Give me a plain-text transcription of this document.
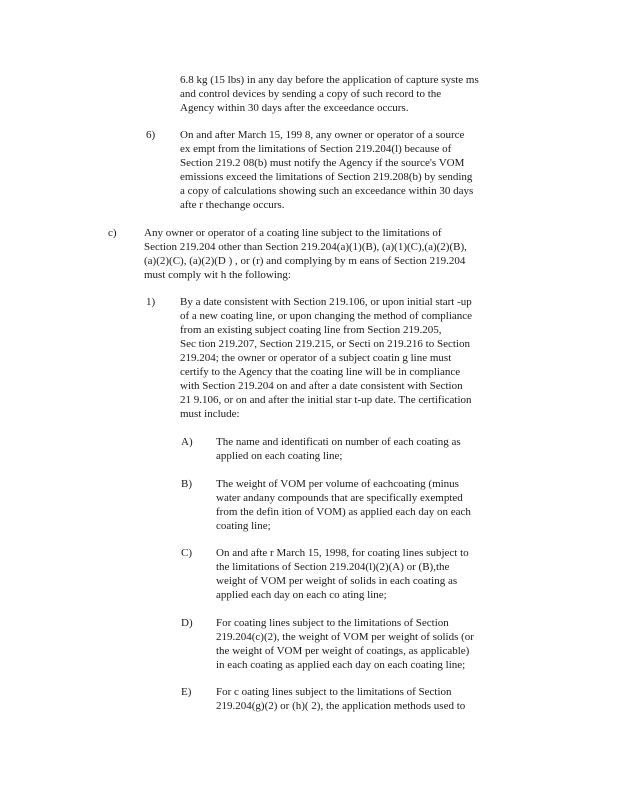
6.8 kg (15 lbs) in any day before the application of capture syste ms
and control devices by sending a copy of such record to the
Agency within 30 days after the exceedance occurs.
6) On and after March 15, 199 8, any owner or operator of a source
ex empt from the limitations of Section 219.204(l) because of
Section 219.2 08(b) must notify the Agency if the source's VOM
emissions exceed the limitations of Section 219.208(b) by sending
a copy of calculations showing such an exceedance within 30 days
afte r thechange occurs.
c) Any owner or operator of a coating line subject to the limitations of
Section 219.204 other than Section 219.204(a)(1)(B), (a)(1)(C),(a)(2)(B),
(a)(2)(C), (a)(2)(D ) , or (r) and complying by m eans of Section 219.204
must comply wit h the following:
1) By a date consistent with Section 219.106, or upon initial start -up
of a new coating line, or upon changing the method of compliance
from an existing subject coating line from Section 219.205,
Sec tion 219.207, Section 219.215, or Secti on 219.216 to Section
219.204; the owner or operator of a subject coatin g line must
certify to the Agency that the coating line will be in compliance
with Section 219.204 on and after a date consistent with Section
21 9.106, or on and after the initial star t-up date. The certification
must include:
A) The name and identificati on number of each coating as
applied on each coating line;
B) The weight of VOM per volume of eachcoating (minus
water andany compounds that are specifically exempted
from the defin ition of VOM) as applied each day on each
coating line;
C) On and afte r March 15, 1998, for coating lines subject to
the limitations of Section 219.204(l)(2)(A) or (B),the
weight of VOM per weight of solids in each coating as
applied each day on each co ating line;
D) For coating lines subject to the limitations of Section
219.204(c)(2), the weight of VOM per weight of solids (or
the weight of VOM per weight of coatings, as applicable)
in each coating as applied each day on each coating line;
E) For c oating lines subject to the limitations of Section
219.204(g)(2) or (h)( 2), the application methods used to
